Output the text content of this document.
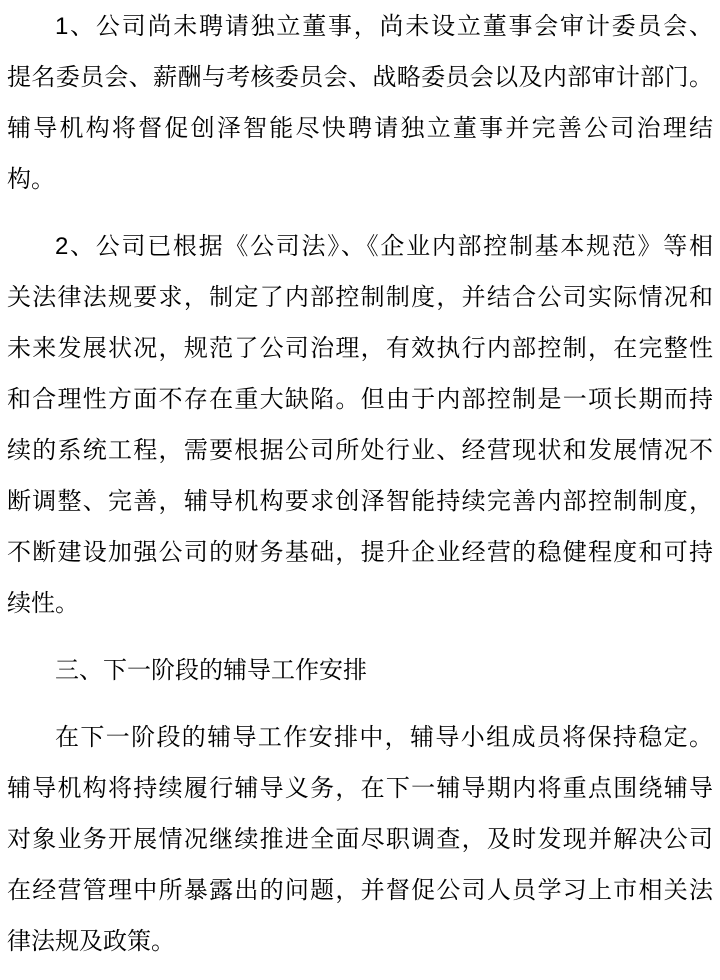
1、公司尚未聘请独立董事，尚未设立董事会审计委员会、
提名委员会、薪酬与考核委员会、战略委员会以及内部审计部门。
辅导机构将督促创泽智能尽快聘请独立董事并完善公司治理结
构。

2、公司已根据《公司法》、《企业内部控制基本规范》等相
关法律法规要求，制定了内部控制制度，并结合公司实际情况和
未来发展状况，规范了公司治理，有效执行内部控制，在完整性
和合理性方面不存在重大缺陷。但由于内部控制是一项长期而持
续的系统工程，需要根据公司所处行业、经营现状和发展情况不
断调整、完善，辅导机构要求创泽智能持续完善内部控制制度，
不断建设加强公司的财务基础，提升企业经营的稳健程度和可持
续性。

三、下一阶段的辅导工作安排

在下一阶段的辅导工作安排中，辅导小组成员将保持稳定。
辅导机构将持续履行辅导义务，在下一辅导期内将重点围绕辅导
对象业务开展情况继续推进全面尽职调查，及时发现并解决公司
在经营管理中所暴露出的问题，并督促公司人员学习上市相关法
律法规及政策。
